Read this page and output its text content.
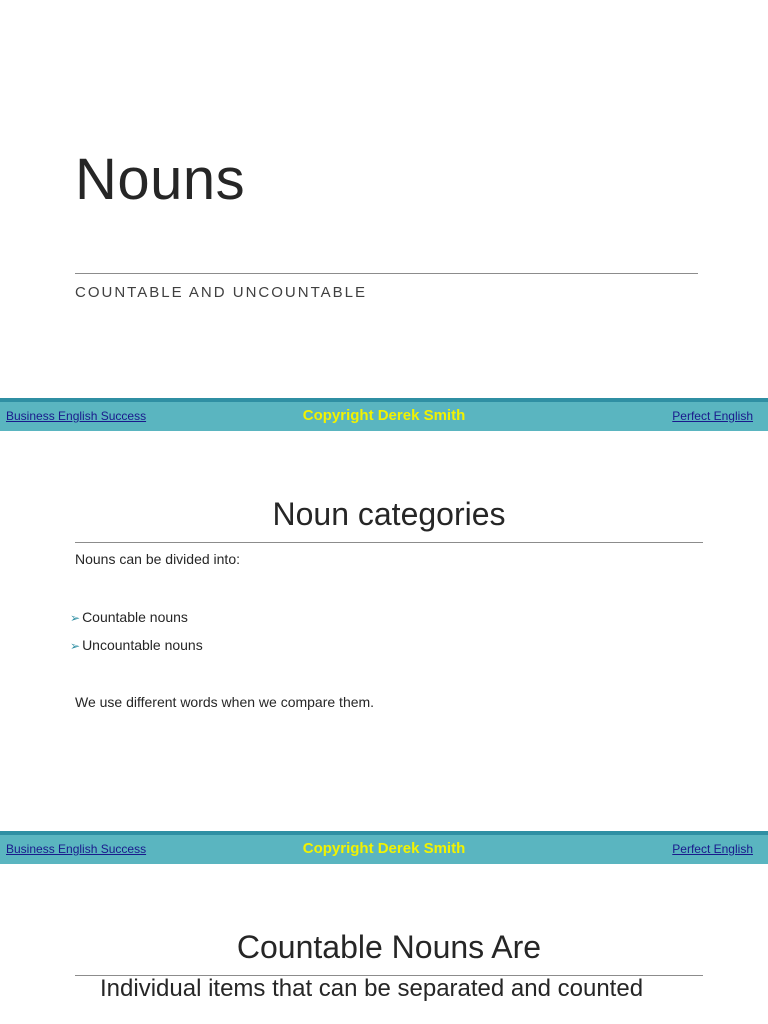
Nouns
COUNTABLE AND UNCOUNTABLE
Business English Success	Copyright Derek Smith	Perfect English
Noun categories
Nouns can be divided into:
➢ Countable nouns
➢ Uncountable nouns
We use different words when we compare them.
Business English Success	Copyright Derek Smith	Perfect English
Countable Nouns Are
Individual items that can be separated and counted
